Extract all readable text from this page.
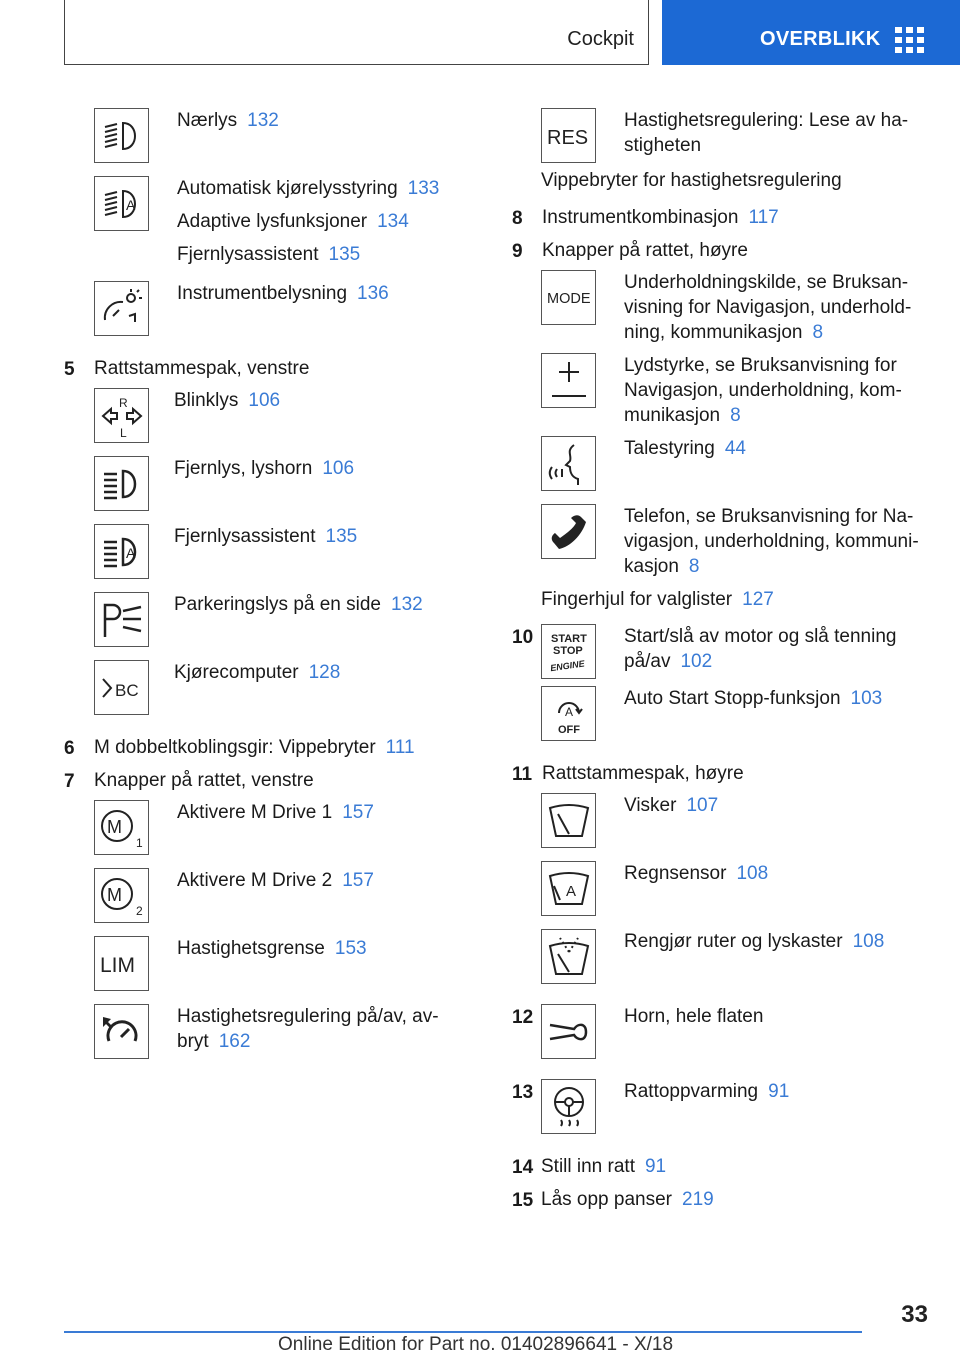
Cockpit	OVERBLIKK

Nærlys 132

A

Automatisk kjørelysstyring 133

Adaptive lysfunksjoner 134

Fjernlysassistent 135

Instrumentbelysning 136

5	Rattstammespak, venstre
R
L

Blinklys 106

Fjernlys, lyshorn 106

A

Fjernlysassistent 135

Parkeringslys på en side 132

BC

Kjørecomputer 128

6	M dobbeltkoblingsgir: Vippebryter 111
7	Knapper på rattet, venstre
M
1

Aktivere M Drive 1 157

M
2

Aktivere M Drive 2 157

LIM

Hastighetsgrense 153

Hastighetsregulering på/av, av-

bryt 162

RES

Hastighetsregulering: Lese av ha-

stigheten

Vippebryter for hastighetsregulering
8	Instrumentkombinasjon 117
9	Knapper på rattet, høyre
MODE

Underholdningskilde, se Bruksan-

visning for Navigasjon, underhold-

ning, kommunikasjon 8

Lydstyrke, se Bruksanvisning for

Navigasjon, underholdning, kom-

munikasjon 8

Talestyring 44

Telefon, se Bruksanvisning for Na-

vigasjon, underholdning, kommuni-

kasjon 8

Fingerhjul for valglister 127
10	START
STOP
ENGINE

Start/slå av motor og slå tenning

på/av 102

A
OFF

Auto Start Stopp-funksjon 103

11 Rattstammespak, høyre

Visker 107

A

Regnsensor 108

Rengjør ruter og lyskaster 108

12	Horn, hele flaten

13	Rattoppvarming 91

14 Still inn ratt 91
15 Lås opp panser 219
33
Online Edition for Part no. 01402896641 - X/18
